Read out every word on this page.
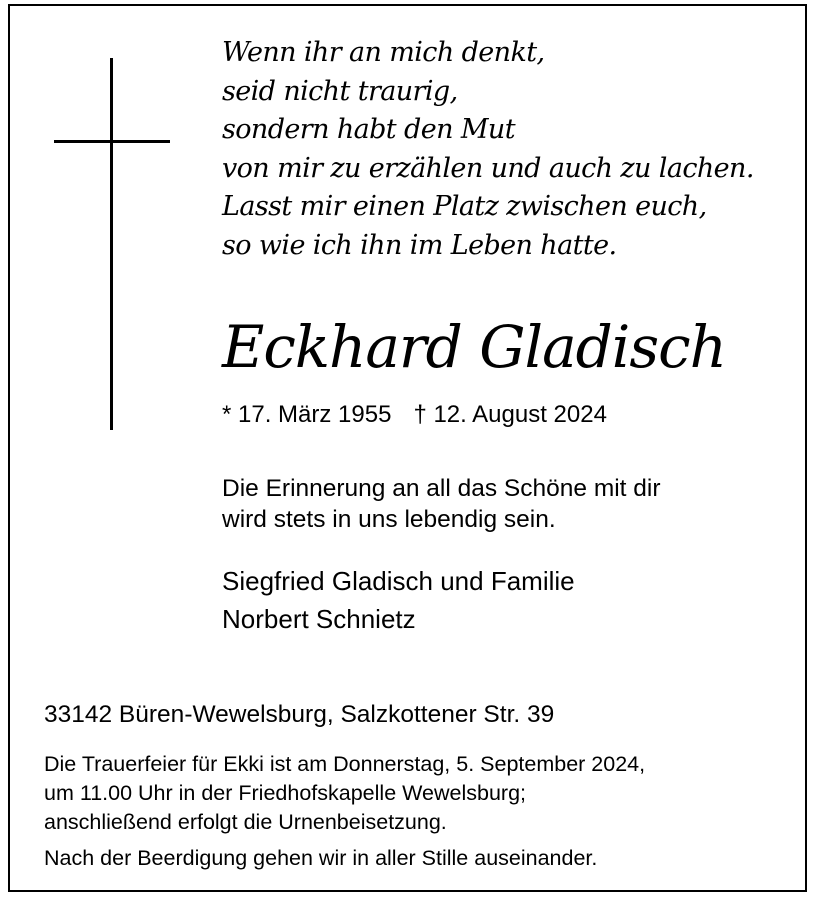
Wenn ihr an mich denkt,
seid nicht traurig,
sondern habt den Mut
von mir zu erzählen und auch zu lachen.
Lasst mir einen Platz zwischen euch,
so wie ich ihn im Leben hatte.
Eckhard Gladisch
* 17. März 1955 † 12. August 2024
Die Erinnerung an all das Schöne mit dir
wird stets in uns lebendig sein.
Siegfried Gladisch und Familie
Norbert Schnietz
33142 Büren-Wewelsburg, Salzkottener Str. 39
Die Trauerfeier für Ekki ist am Donnerstag, 5. September 2024,
um 11.00 Uhr in der Friedhofskapelle Wewelsburg;
anschließend erfolgt die Urnenbeisetzung.
Nach der Beerdigung gehen wir in aller Stille auseinander.
